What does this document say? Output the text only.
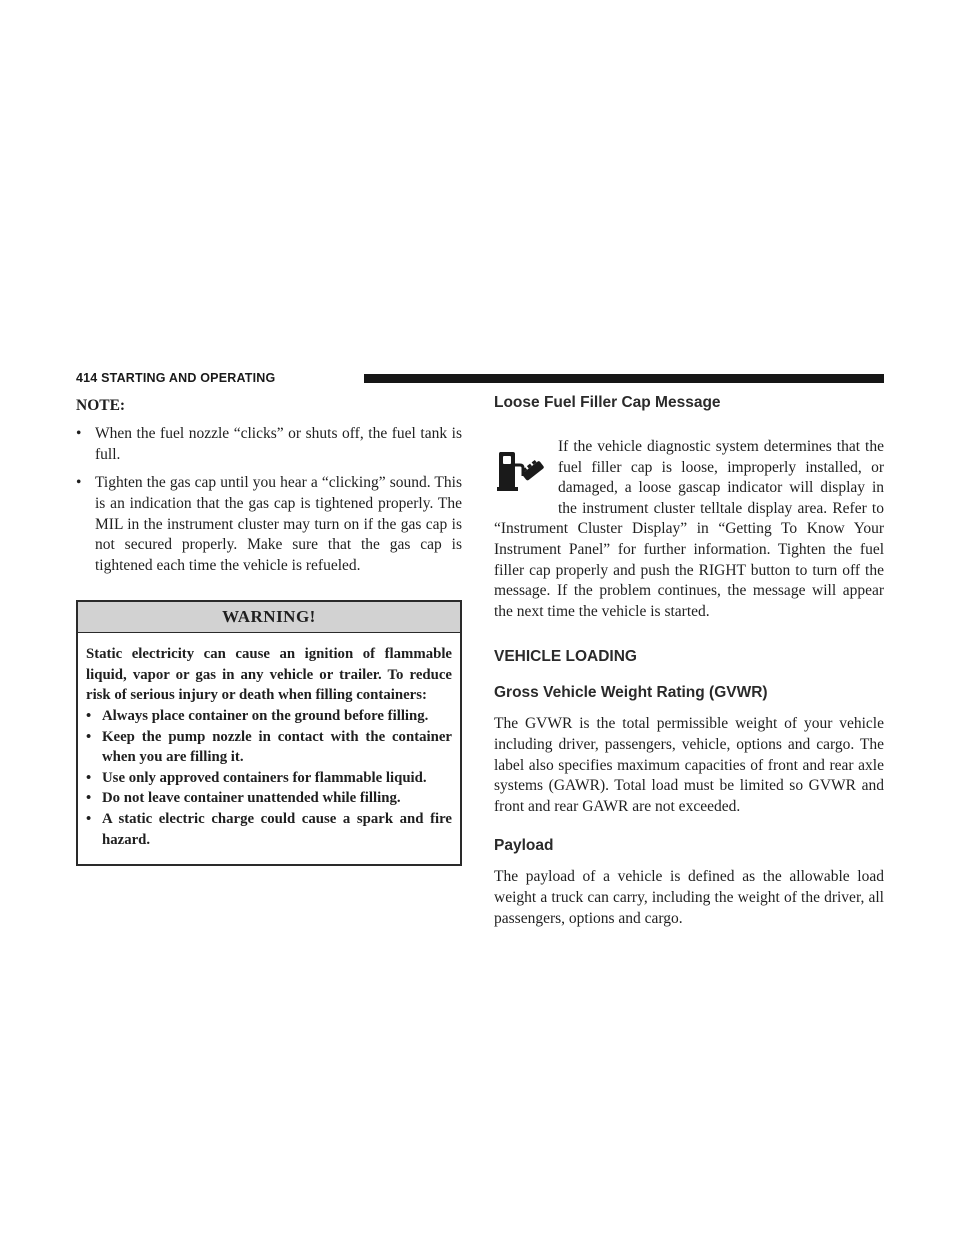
414 STARTING AND OPERATING
NOTE:
• When the fuel nozzle “clicks” or shuts off, the fuel tank is full.
• Tighten the gas cap until you hear a “clicking” sound. This is an indication that the gas cap is tightened properly. The MIL in the instrument cluster may turn on if the gas cap is not secured properly. Make sure that the gas cap is tightened each time the vehicle is refueled.
WARNING!

Static electricity can cause an ignition of flammable liquid, vapor or gas in any vehicle or trailer. To reduce risk of serious injury or death when filling containers:

• Always place container on the ground before filling.
• Keep the pump nozzle in contact with the container when you are filling it.
• Use only approved containers for flammable liquid.
• Do not leave container unattended while filling.
• A static electric charge could cause a spark and fire hazard.
Loose Fuel Filler Cap Message

If the vehicle diagnostic system determines that the fuel filler cap is loose, improperly installed, or damaged, a loose gascap indicator will display in the instrument cluster telltale display area. Refer to “Instrument Cluster Display” in “Getting To Know Your Instrument Panel” for further information. Tighten the fuel filler cap properly and push the RIGHT button to turn off the message. If the problem continues, the message will appear the next time the vehicle is started.

VEHICLE LOADING
Gross Vehicle Weight Rating (GVWR)

The GVWR is the total permissible weight of your vehicle including driver, passengers, vehicle, options and cargo. The label also specifies maximum capacities of front and rear axle systems (GAWR). Total load must be limited so GVWR and front and rear GAWR are not exceeded.

Payload

The payload of a vehicle is defined as the allowable load weight a truck can carry, including the weight of the driver, all passengers, options and cargo.
